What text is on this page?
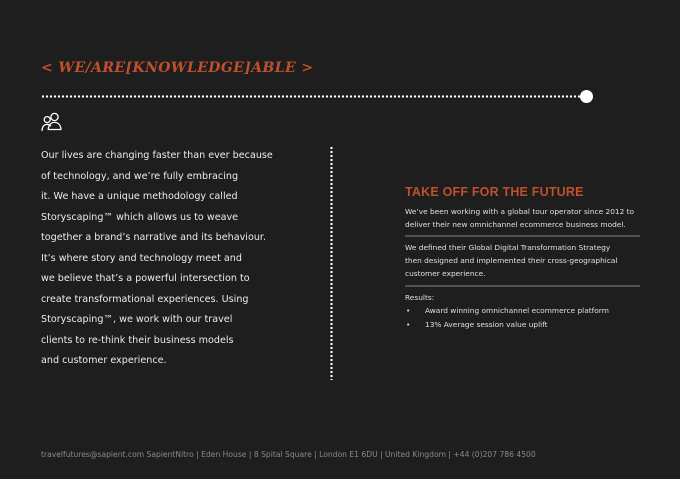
< WE/ARE[KNOWLEDGE]ABLE >

Our lives are changing faster than ever because

of technology, and we’re fully embracing

it. We have a unique methodology called

Storyscaping™ which allows us to weave

together a brand’s narrative and its behaviour.

It’s where story and technology meet and

we believe that’s a powerful intersection to

create transformational experiences. Using

Storyscaping™, we work with our travel

clients to re-think their business models

and customer experience.

TAKE OFF FOR THE FUTURE

We’ve been working with a global tour operator since 2012 to

deliver their new omnichannel ecommerce business model.

We defined their Global Digital Transformation Strategy

then designed and implemented their cross-geographical

customer experience.

Results:

• Award winning omnichannel ecommerce platform
• 13% Average session value uplift
travelfutures@sapient.com SapientNitro | Eden House | 8 Spital Square | London E1 6DU | United Kingdom | +44 (0)207 786 4500
